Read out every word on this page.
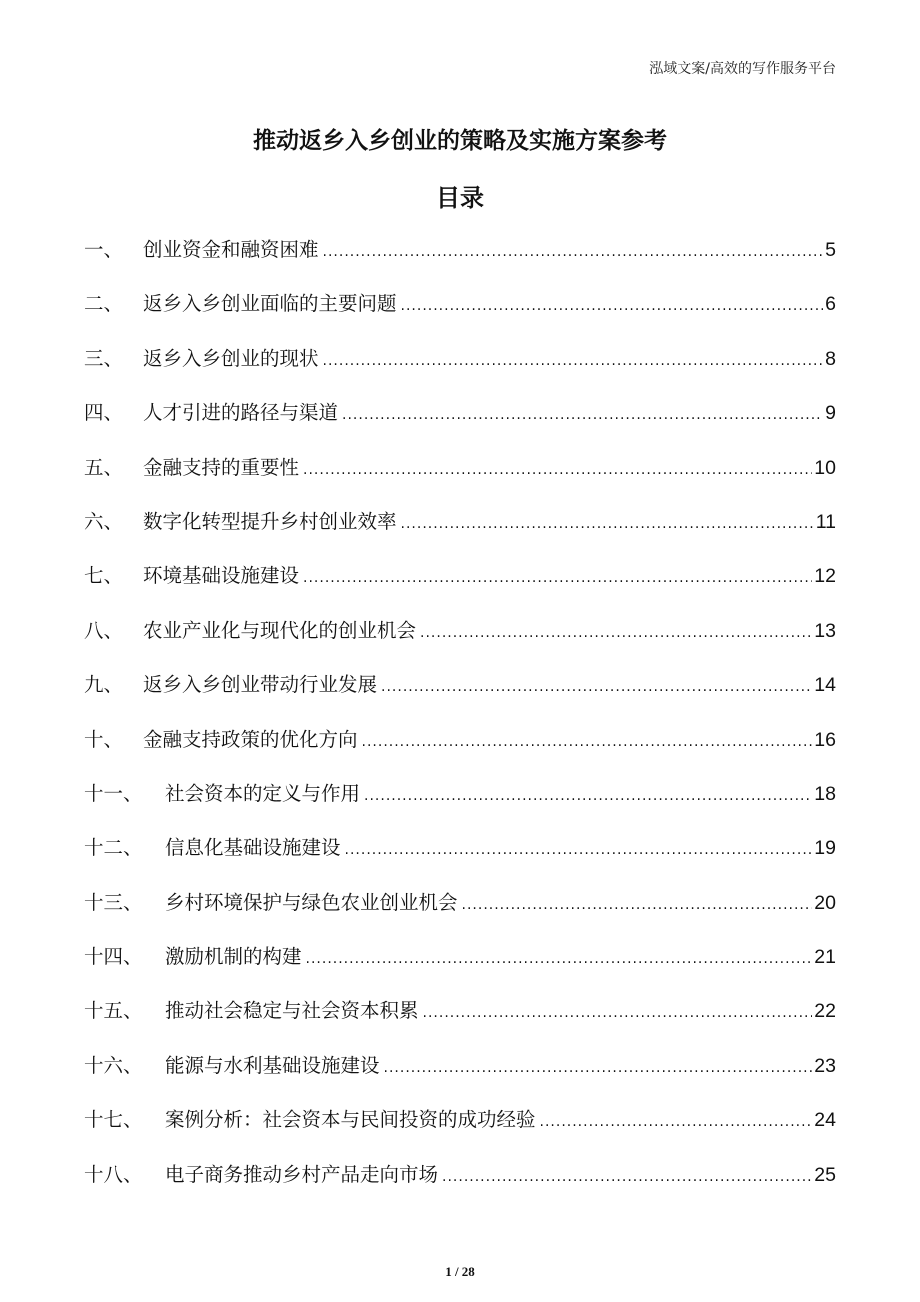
泓域文案/高效的写作服务平台
推动返乡入乡创业的策略及实施方案参考
目录
一、	创业资金和融资困难 .....	5
二、	返乡入乡创业面临的主要问题 .....	6
三、	返乡入乡创业的现状 .....	8
四、	人才引进的路径与渠道 .....	9
五、	金融支持的重要性 .....	10
六、	数字化转型提升乡村创业效率 .....	11
七、	环境基础设施建设 .....	12
八、	农业产业化与现代化的创业机会 .....	13
九、	返乡入乡创业带动行业发展 .....	14
十、	金融支持政策的优化方向 .....	16
十一、	社会资本的定义与作用 .....	18
十二、	信息化基础设施建设 .....	19
十三、	乡村环境保护与绿色农业创业机会 .....	20
十四、	激励机制的构建 .....	21
十五、	推动社会稳定与社会资本积累 .....	22
十六、	能源与水利基础设施建设 .....	23
十七、	案例分析：社会资本与民间投资的成功经验 .....	24
十八、	电子商务推动乡村产品走向市场 .....	25
1 / 28
